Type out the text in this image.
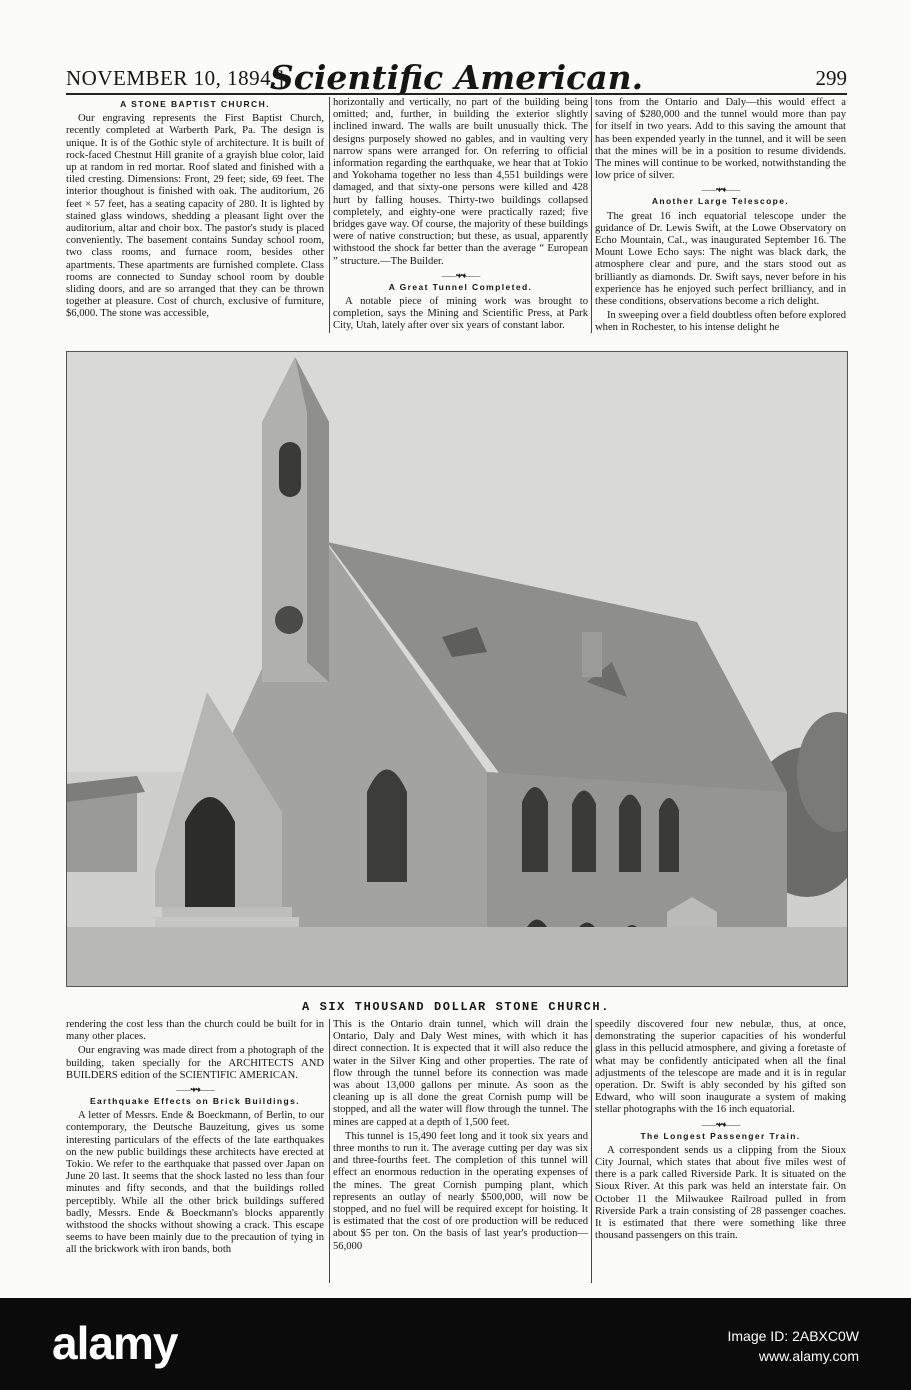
NOVEMBER 10, 1894.]
Scientific American.	299
A STONE BAPTIST CHURCH.

Our engraving represents the First Baptist Church, recently completed at Warberth Park, Pa. The design is unique. It is of the Gothic style of architecture. It is built of rock-faced Chestnut Hill granite of a grayish blue color, laid up at random in red mortar. Roof slated and finished with a tiled cresting. Dimensions: Front, 29 feet; side, 69 feet. The interior thoughout is finished with oak. The auditorium, 26 feet × 57 feet, has a seating capacity of 280. It is lighted by stained glass windows, shedding a pleasant light over the auditorium, altar and choir box. The pastor's study is placed conveniently. The basement contains Sunday school room, two class rooms, and furnace room, besides other apartments. These apartments are furnished complete. Class rooms are connected to Sunday school room by double sliding doors, and are so arranged that they can be thrown together at pleasure. Cost of church, exclusive of furniture, $6,000. The stone was accessible,

horizontally and vertically, no part of the building being omitted; and, further, in building the exterior slightly inclined inward. The walls are built unusually thick. The designs purposely showed no gables, and in vaulting very narrow spans were arranged for. On referring to official information regarding the earthquake, we hear that at Tokio and Yokohama together no less than 4,551 buildings were damaged, and that sixty-one persons were killed and 428 hurt by falling houses. Thirty-two buildings collapsed completely, and eighty-one were practically razed; five bridges gave way. Of course, the majority of these buildings were of native construction; but these, as usual, apparently withstood the shock far better than the average “ European ” structure.—The Builder.

——•♦•♦——
A Great Tunnel Completed.

A notable piece of mining work was brought to completion, says the Mining and Scientific Press, at Park City, Utah, lately after over six years of constant labor.

tons from the Ontario and Daly—this would effect a saving of $280,000 and the tunnel would more than pay for itself in two years. Add to this saving the amount that has been expended yearly in the tunnel, and it will be seen that the mines will be in a position to resume dividends. The mines will continue to be worked, notwithstanding the low price of silver.

——•♦•♦——
Another Large Telescope.

The great 16 inch equatorial telescope under the guidance of Dr. Lewis Swift, at the Lowe Observatory on Echo Mountain, Cal., was inaugurated September 16. The Mount Lowe Echo says: The night was black dark, the atmosphere clear and pure, and the stars stood out as brilliantly as diamonds. Dr. Swift says, never before in his experience has he enjoyed such perfect brilliancy, and in these conditions, observations become a rich delight.

In sweeping over a field doubtless often before explored when in Rochester, to his intense delight he

A SIX THOUSAND DOLLAR STONE CHURCH.

rendering the cost less than the church could be built for in many other places.

Our engraving was made direct from a photograph of the building, taken specially for the ARCHITECTS AND BUILDERS edition of the SCIENTIFIC AMERICAN.

——•♦•♦——
Earthquake Effects on Brick Buildings.

A letter of Messrs. Ende & Boeckmann, of Berlin, to our contemporary, the Deutsche Bauzeitung, gives us some interesting particulars of the effects of the late earthquakes on the new public buildings these architects have erected at Tokio. We refer to the earthquake that passed over Japan on June 20 last. It seems that the shock lasted no less than four minutes and fifty seconds, and that the buildings rolled perceptibly. While all the other brick buildings suffered badly, Messrs. Ende & Boeckmann's blocks apparently withstood the shocks without showing a crack. This escape seems to have been mainly due to the precaution of tying in all the brickwork with iron bands, both

This is the Ontario drain tunnel, which will drain the Ontario, Daly and Daly West mines, with which it has direct connection. It is expected that it will also reduce the water in the Silver King and other properties. The rate of flow through the tunnel before its connection was made was about 13,000 gallons per minute. As soon as the cleaning up is all done the great Cornish pump will be stopped, and all the water will flow through the tunnel. The mines are capped at a depth of 1,500 feet.

This tunnel is 15,490 feet long and it took six years and three months to run it. The average cutting per day was six and three-fourths feet. The completion of this tunnel will effect an enormous reduction in the operating expenses of the mines. The great Cornish pumping plant, which represents an outlay of nearly $500,000, will now be stopped, and no fuel will be required except for hoisting. It is estimated that the cost of ore production will be reduced about $5 per ton. On the basis of last year's production—56,000

speedily discovered four new nebulæ, thus, at once, demonstrating the superior capacities of his wonderful glass in this pellucid atmosphere, and giving a foretaste of what may be confidently anticipated when all the final adjustments of the telescope are made and it is in regular operation. Dr. Swift is ably seconded by his gifted son Edward, who will soon inaugurate a system of making stellar photographs with the 16 inch equatorial.

——•♦•♦——
The Longest Passenger Train.

A correspondent sends us a clipping from the Sioux City Journal, which states that about five miles west of there is a park called Riverside Park. It is situated on the Sioux River. At this park was held an interstate fair. On October 11 the Milwaukee Railroad pulled in from Riverside Park a train consisting of 28 passenger coaches. It is estimated that there were something like three thousand passengers on this train.

alamy	Image ID: 2ABXC0W
www.alamy.com
